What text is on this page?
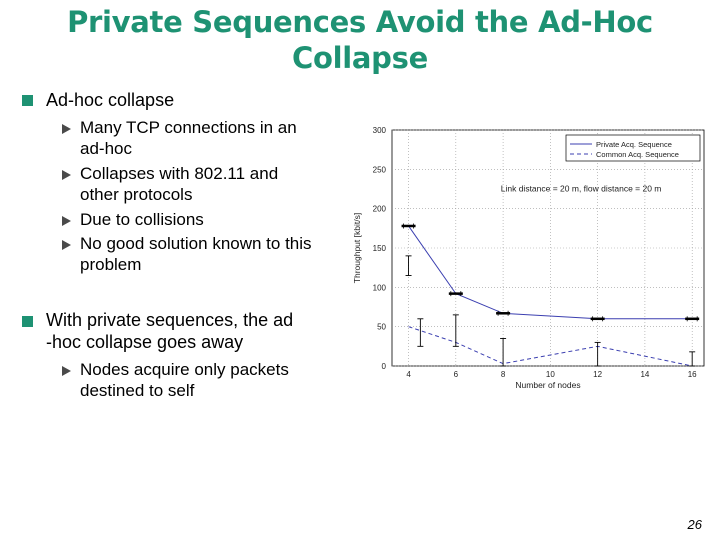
Private Sequences Avoid the Ad-Hoc
Collapse
Ad-hoc collapse
Many TCP connections in an
ad-hoc
Collapses with 802.11 and
other protocols
Due to collisions
No good solution known to this
problem
With private sequences, the ad
-hoc collapse goes away
Nodes acquire only packets
destined to self
4	6	8	10	12	14	16
0
50
100
150
200
250
300
Number of nodes
Throughput [kbit/s]
Link distance = 20 m, flow distance = 20 m
Private Acq. Sequence
Common Acq. Sequence
26
